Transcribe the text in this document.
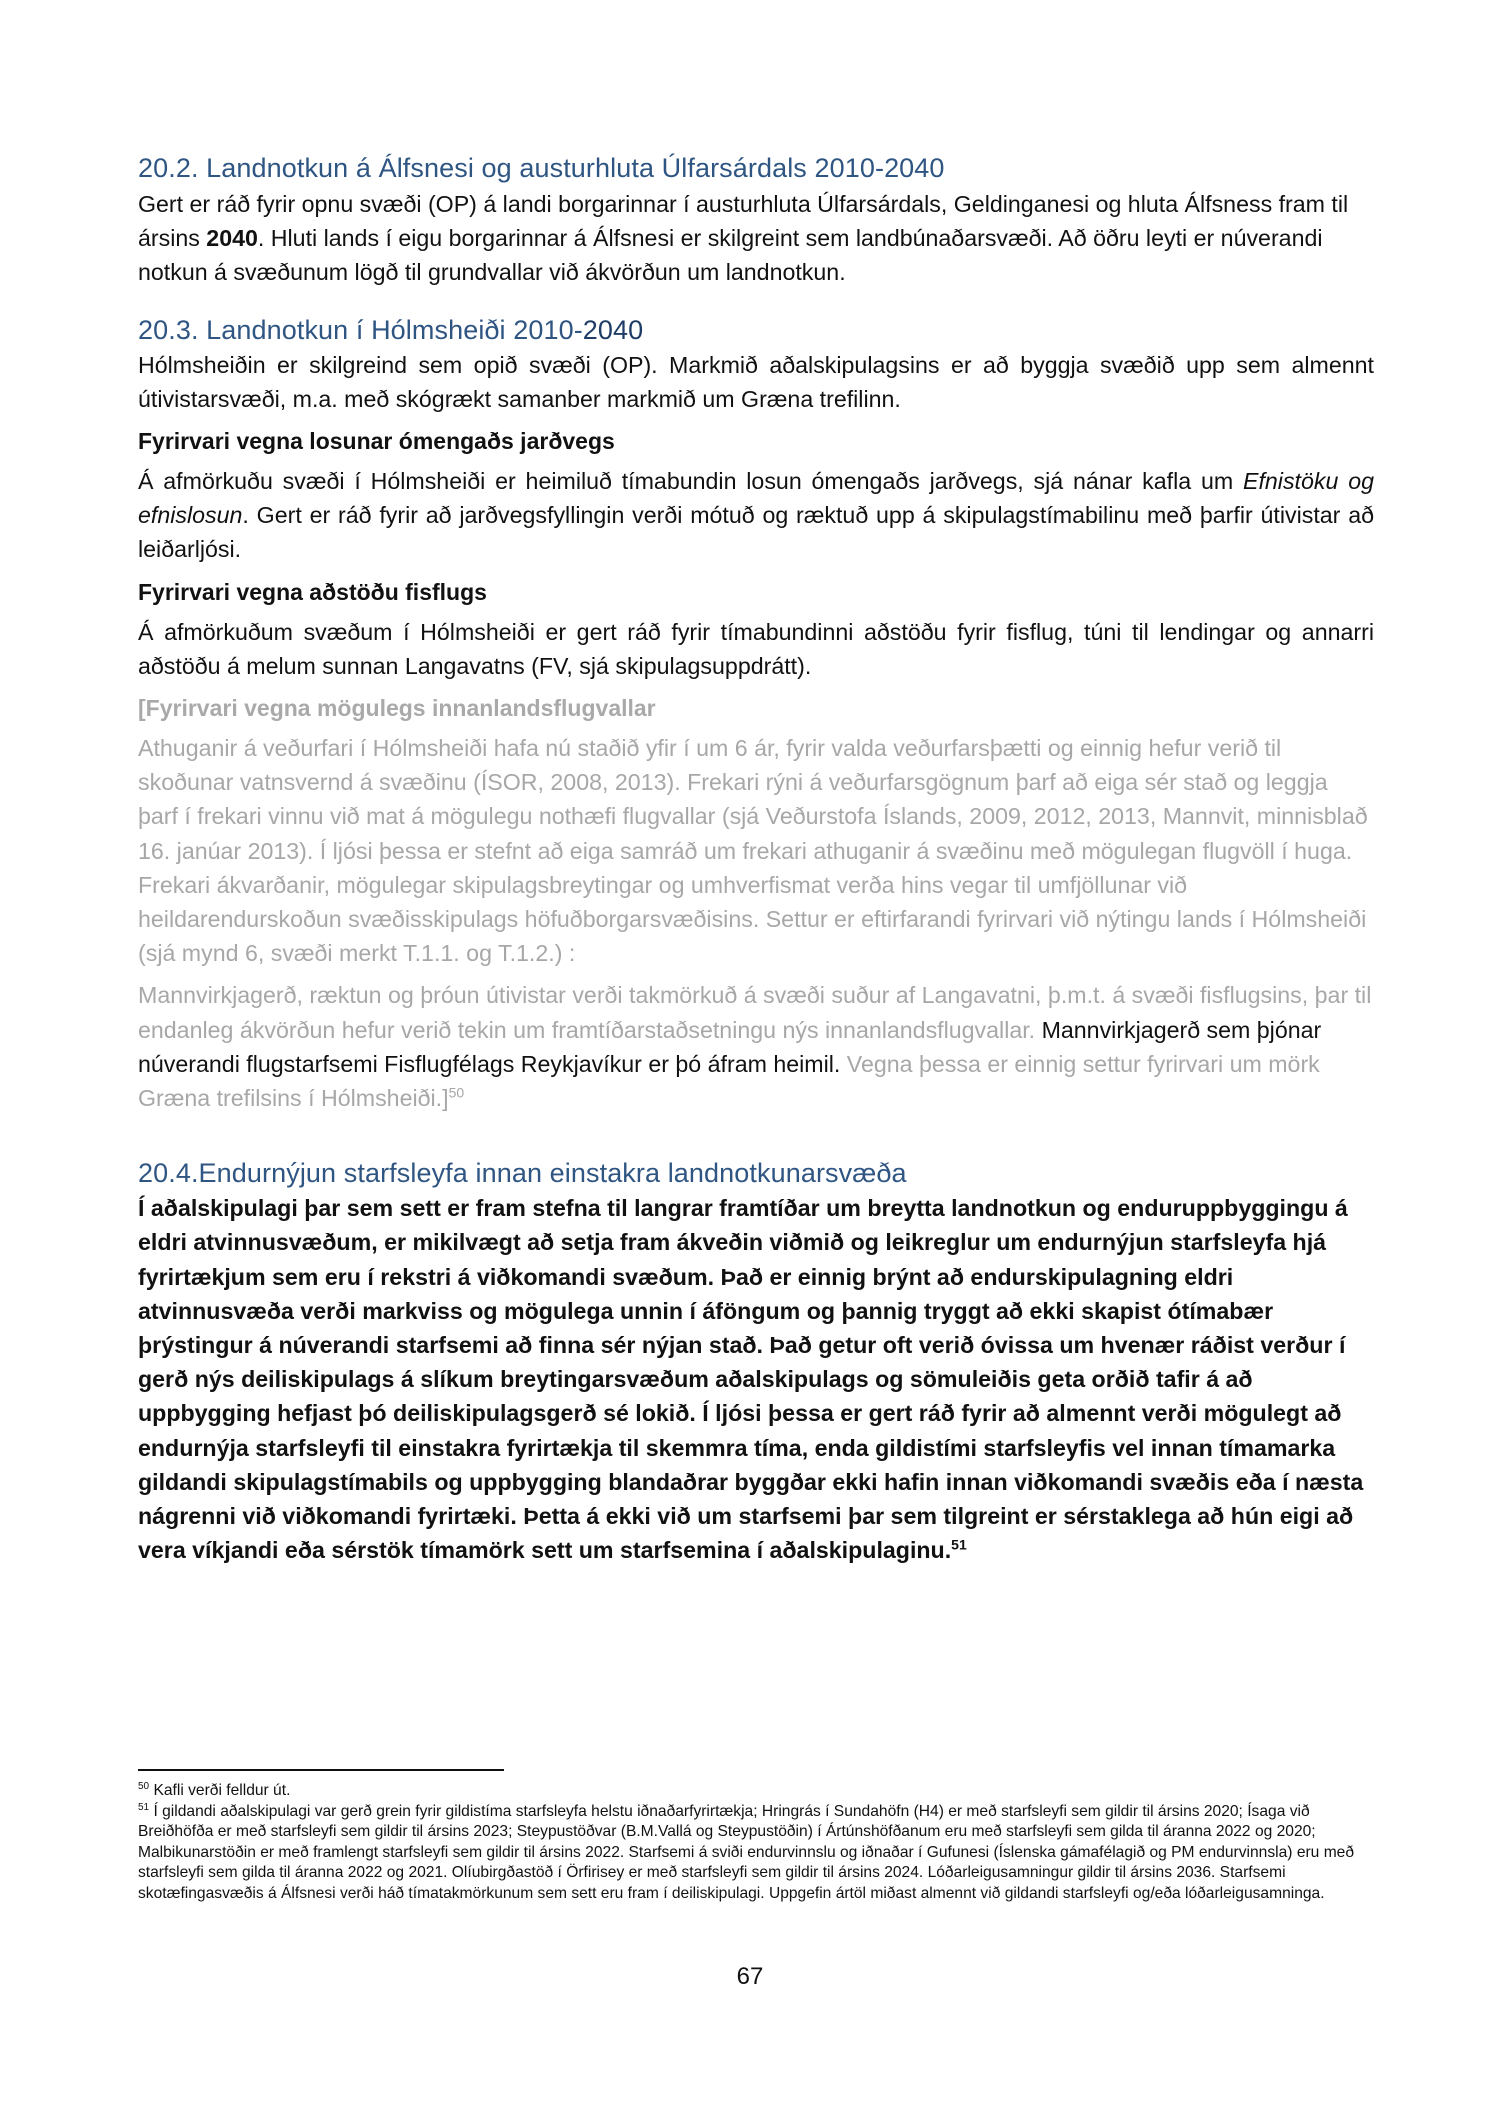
20.2. Landnotkun á Álfsnesi og austurhluta Úlfarsárdals 2010-2040

Gert er ráð fyrir opnu svæði (OP) á landi borgarinnar í austurhluta Úlfarsárdals, Geldinganesi og hluta Álfsness fram til ársins 2040. Hluti lands í eigu borgarinnar á Álfsnesi er skilgreint sem landbúnaðarsvæði. Að öðru leyti er núverandi notkun á svæðunum lögð til grundvallar við ákvörðun um landnotkun.

20.3. Landnotkun í Hólmsheiði 2010-2040

Hólmsheiðin er skilgreind sem opið svæði (OP). Markmið aðalskipulagsins er að byggja svæðið upp sem almennt útivistarsvæði, m.a. með skógrækt samanber markmið um Græna trefilinn.

Fyrirvari vegna losunar ómengaðs jarðvegs

Á afmörkuðu svæði í Hólmsheiði er heimiluð tímabundin losun ómengaðs jarðvegs, sjá nánar kafla um Efnistöku og efnislosun. Gert er ráð fyrir að jarðvegsfyllingin verði mótuð og ræktuð upp á skipulagstímabilinu með þarfir útivistar að leiðarljósi.

Fyrirvari vegna aðstöðu fisflugs

Á afmörkuðum svæðum í Hólmsheiði er gert ráð fyrir tímabundinni aðstöðu fyrir fisflug, túni til lendingar og annarri aðstöðu á melum sunnan Langavatns (FV, sjá skipulagsuppdrátt).

[Fyrirvari vegna mögulegs innanlandsflugvallar

Athuganir á veðurfari í Hólmsheiði hafa nú staðið yfir í um 6 ár, fyrir valda veðurfarsþætti og einnig hefur verið til skoðunar vatnsvernd á svæðinu (ÍSOR, 2008, 2013). Frekari rýni á veðurfarsgögnum þarf að eiga sér stað og leggja þarf í frekari vinnu við mat á mögulegu nothæfi flugvallar (sjá Veðurstofa Íslands, 2009, 2012, 2013, Mannvit, minnisblað 16. janúar 2013). Í ljósi þessa er stefnt að eiga samráð um frekari athuganir á svæðinu með mögulegan flugvöll í huga. Frekari ákvarðanir, mögulegar skipulagsbreytingar og umhverfismat verða hins vegar til umfjöllunar við heildarendurskoðun svæðisskipulags höfuðborgarsvæðisins. Settur er eftirfarandi fyrirvari við nýtingu lands í Hólmsheiði (sjá mynd 6, svæði merkt T.1.1. og T.1.2.) :

Mannvirkjagerð, ræktun og þróun útivistar verði takmörkuð á svæði suður af Langavatni, þ.m.t. á svæði fisflugsins, þar til endanleg ákvörðun hefur verið tekin um framtíðarstaðsetningu nýs innanlandsflugvallar. Mannvirkjagerð sem þjónar núverandi flugstarfsemi Fisflugfélags Reykjavíkur er þó áfram heimil. Vegna þessa er einnig settur fyrirvari um mörk Græna trefilsins í Hólmsheiði.]$^{50}$

20.4.Endurnýjun starfsleyfa innan einstakra landnotkunarsvæða

Í aðalskipulagi þar sem sett er fram stefna til langrar framtíðar um breytta landnotkun og enduruppbyggingu á eldri atvinnusvæðum, er mikilvægt að setja fram ákveðin viðmið og leikreglur um endurnýjun starfsleyfa hjá fyrirtækjum sem eru í rekstri á viðkomandi svæðum. Það er einnig brýnt að endurskipulagning eldri atvinnusvæða verði markviss og mögulega unnin í áföngum og þannig tryggt að ekki skapist ótímabær þrýstingur á núverandi starfsemi að finna sér nýjan stað. Það getur oft verið óvissa um hvenær ráðist verður í gerð nýs deiliskipulags á slíkum breytingarsvæðum aðalskipulags og sömuleiðis geta orðið tafir á að uppbygging hefjast þó deiliskipulagsgerð sé lokið. Í ljósi þessa er gert ráð fyrir að almennt verði mögulegt að endurnýja starfsleyfi til einstakra fyrirtækja til skemmra tíma, enda gildistími starfsleyfis vel innan tímamarka gildandi skipulagstímabils og uppbygging blandaðrar byggðar ekki hafin innan viðkomandi svæðis eða í næsta nágrenni við viðkomandi fyrirtæki. Þetta á ekki við um starfsemi þar sem tilgreint er sérstaklega að hún eigi að vera víkjandi eða sérstök tímamörk sett um starfsemina í aðalskipulaginu.$^{51}$

$^{50}$ Kafli verði felldur út.

$^{51}$ Í gildandi aðalskipulagi var gerð grein fyrir gildistíma starfsleyfa helstu iðnaðarfyrirtækja; Hringrás í Sundahöfn (H4) er með starfsleyfi sem gildir til ársins 2020; Ísaga við Breiðhöfða er með starfsleyfi sem gildir til ársins 2023; Steypustöðvar (B.M.Vallá og Steypustöðin) í Ártúnshöfðanum eru með starfsleyfi sem gilda til áranna 2022 og 2020; Malbikunarstöðin er með framlengt starfsleyfi sem gildir til ársins 2022. Starfsemi á sviði endurvinnslu og iðnaðar í Gufunesi (Íslenska gámafélagið og PM endurvinnsla) eru með starfsleyfi sem gilda til áranna 2022 og 2021. Olíubirgðastöð í Örfirisey er með starfsleyfi sem gildir til ársins 2024. Lóðarleigusamningur gildir til ársins 2036. Starfsemi skotæfingasvæðis á Álfsnesi verði háð tímatakmörkunum sem sett eru fram í deiliskipulagi. Uppgefin ártöl miðast almennt við gildandi starfsleyfi og/eða lóðarleigusamninga.

67
